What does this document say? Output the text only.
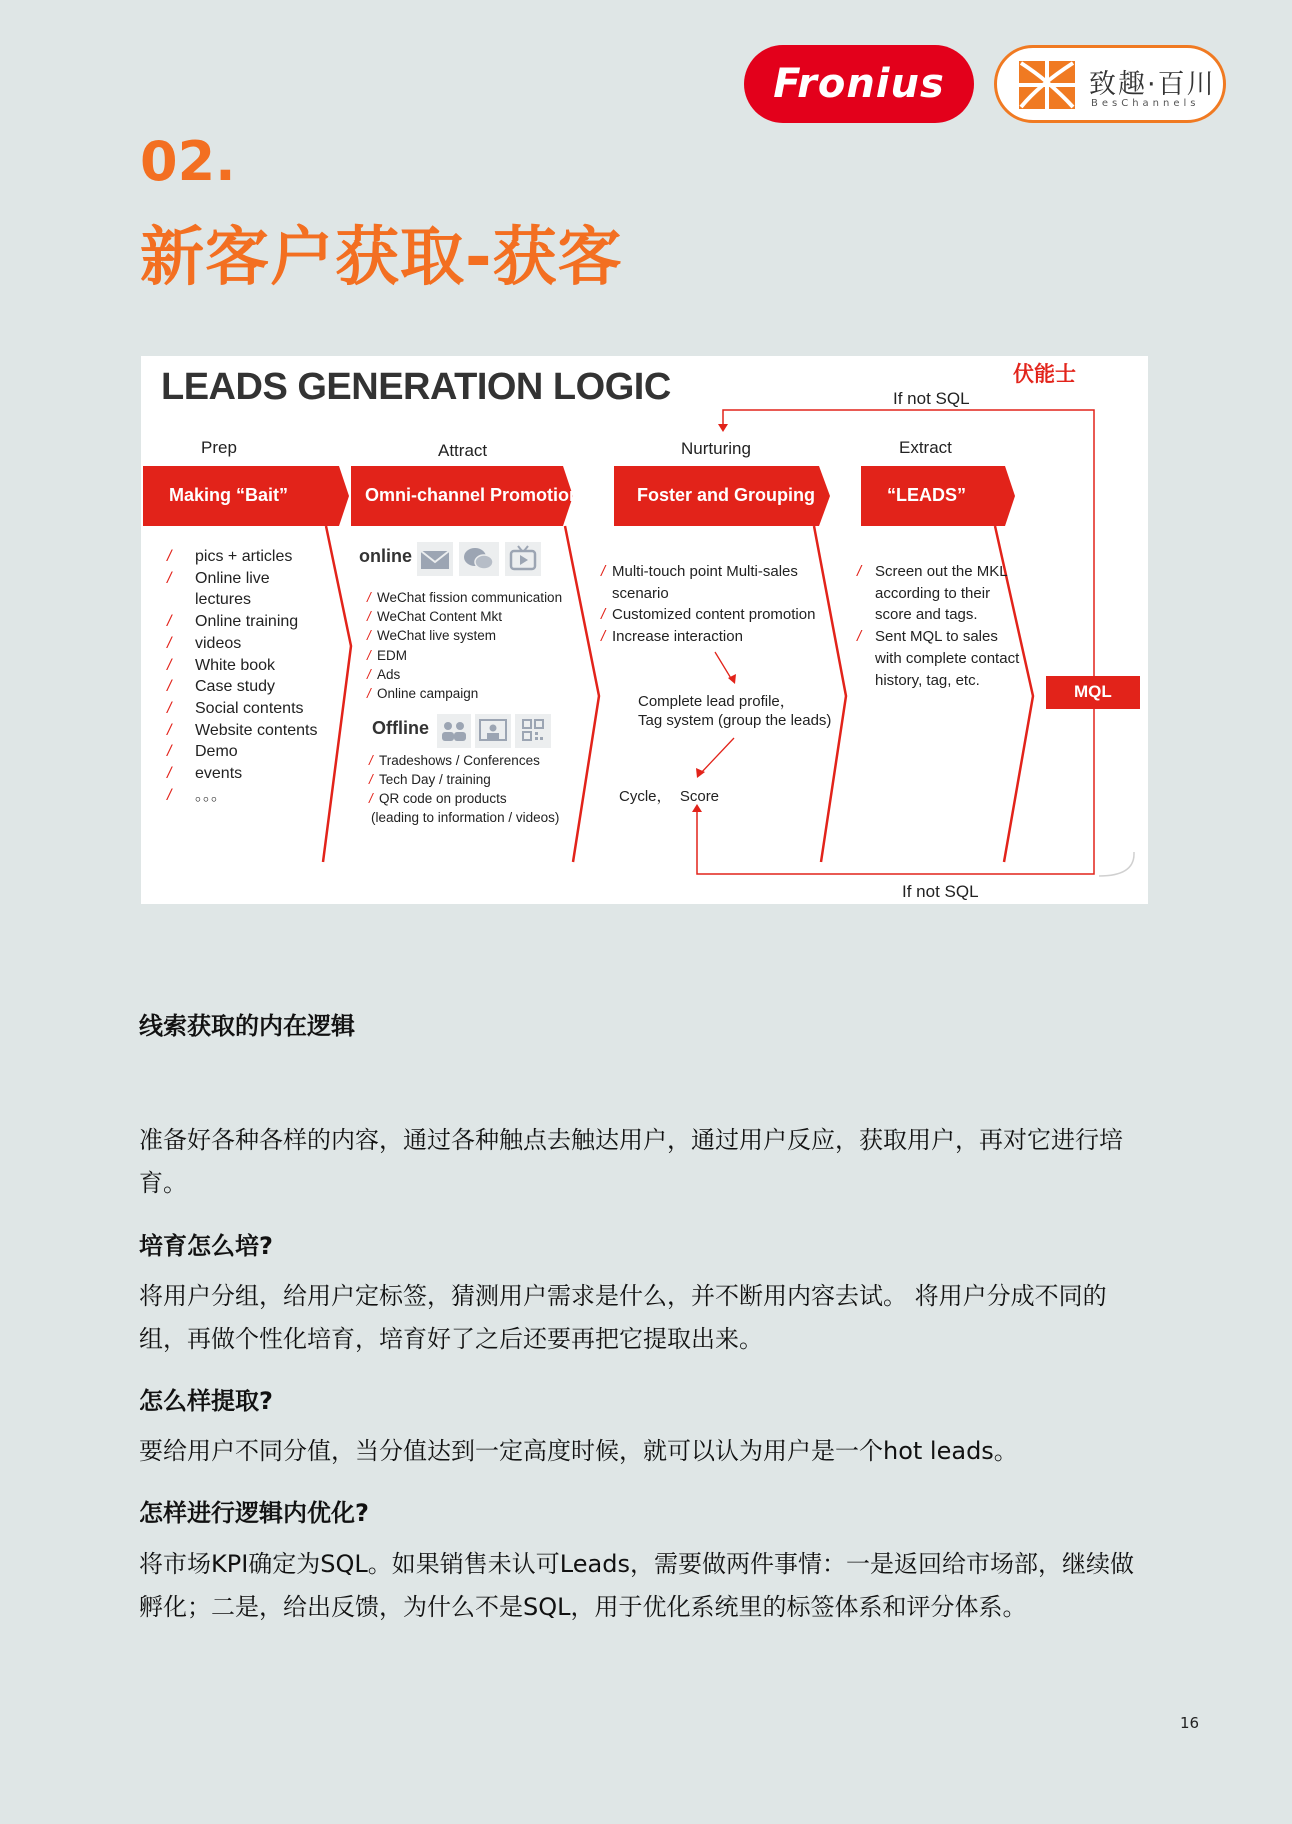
Fronius	致趣·百川
BesChannels
02.
新客户获取-获客
LEADS GENERATION LOGIC	伏能士
If not SQL
If not SQL
Prep	Attract	Nurturing	Extract
Making “Bait”	Omni-channel Promotion	Foster and Grouping	“LEADS”
/ pics + articles
/ Online live
lectures
/ Online training
/ videos
/ White book
/ Case study
/ Social contents
/ Website contents
/ Demo
/ events
/ 。。。
online
/ WeChat fission communication
/ WeChat Content Mkt
/ WeChat live system
/ EDM
/ Ads
/ Online campaign
Offline
/ Tradeshows / Conferences
/ Tech Day / training
/ QR code on products
(leading to information / videos)
/ Multi-touch point Multi-sales
scenario
/ Customized content promotion
/ Increase interaction
Complete lead profile，
Tag system (group the leads)
Cycle，  Score
/ Screen out the MKL
according to their
score and tags.
/ Sent MQL to sales
with complete contact
history, tag, etc.
MQL
线索获取的内在逻辑
准备好各种各样的内容，通过各种触点去触达用户，通过用户反应，获取用户，再对它进行培育。
培育怎么培?
将用户分组，给用户定标签，猜测用户需求是什么，并不断用内容去试。 将用户分成不同的组，再做个性化培育，培育好了之后还要再把它提取出来。
怎么样提取?
要给用户不同分值，当分值达到一定高度时候，就可以认为用户是一个hot leads。
怎样进行逻辑内优化?
将市场KPI确定为SQL。如果销售未认可Leads，需要做两件事情：一是返回给市场部，继续做孵化；二是，给出反馈，为什么不是SQL，用于优化系统里的标签体系和评分体系。
16
